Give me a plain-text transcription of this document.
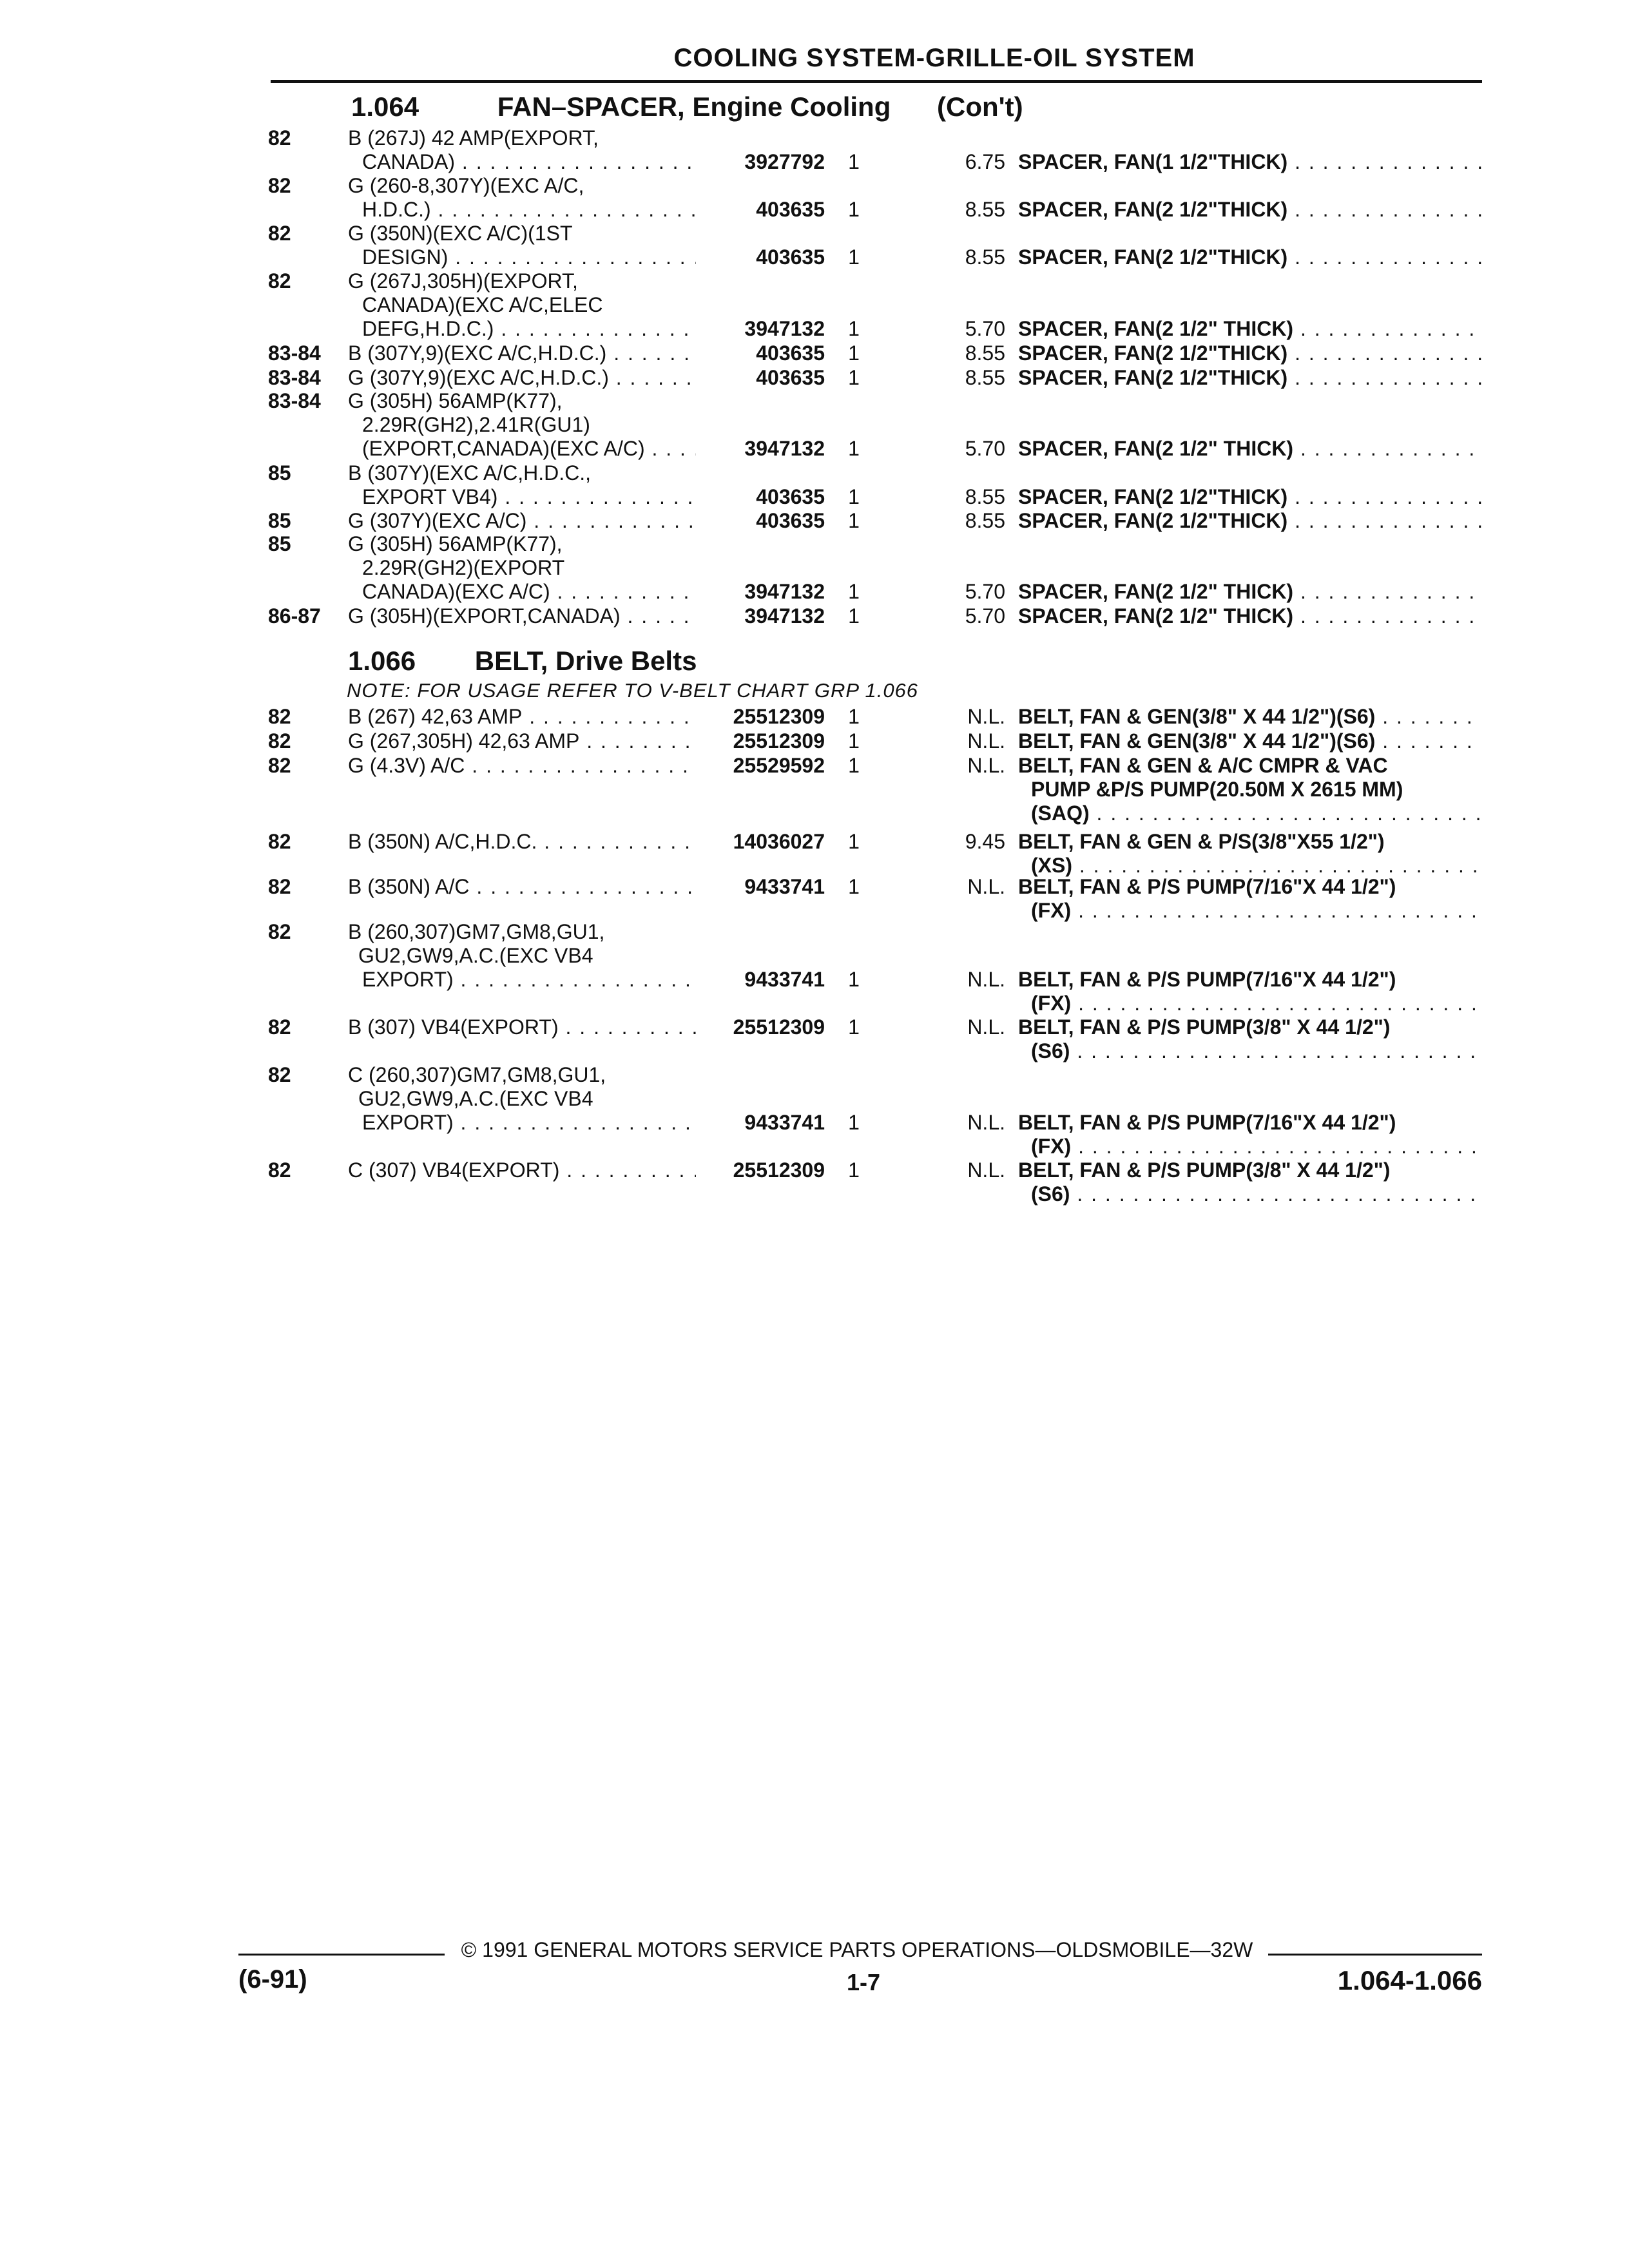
COOLING SYSTEM-GRILLE-OIL SYSTEM
1.064	FAN–SPACER, Engine Cooling (Con't)
82	B (267J) 42 AMP(EXPORT,
CANADA) . . .	3927792 1	6.75 SPACER, FAN(1 1/2"THICK) . . .
82	G (260-8,307Y)(EXC A/C,
H.D.C.) . . .	403635 1	8.55 SPACER, FAN(2 1/2"THICK) . . .
82	G (350N)(EXC A/C)(1ST
DESIGN) . . .	403635 1	8.55 SPACER, FAN(2 1/2"THICK) . . .
82	G (267J,305H)(EXPORT,
CANADA)(EXC A/C,ELEC
DEFG,H.D.C.) . . .	3947132 1	5.70 SPACER, FAN(2 1/2" THICK) . . .
83-84 B (307Y,9)(EXC A/C,H.D.C.) . . .	403635 1	8.55 SPACER, FAN(2 1/2"THICK) . . .
83-84 G (307Y,9)(EXC A/C,H.D.C.) . . .	403635 1	8.55 SPACER, FAN(2 1/2"THICK) . . .
83-84 G (305H) 56AMP(K77),
2.29R(GH2),2.41R(GU1)
(EXPORT,CANADA)(EXC A/C) . . .	3947132 1	5.70 SPACER, FAN(2 1/2" THICK) . . .
85	B (307Y)(EXC A/C,H.D.C.,
EXPORT VB4) . . .	403635 1	8.55 SPACER, FAN(2 1/2"THICK) . . .
85	G (307Y)(EXC A/C) . . .	403635 1	8.55 SPACER, FAN(2 1/2"THICK) . . .
85	G (305H) 56AMP(K77),
2.29R(GH2)(EXPORT
CANADA)(EXC A/C) . . .	3947132 1	5.70 SPACER, FAN(2 1/2" THICK) . . .
86-87 G (305H)(EXPORT,CANADA) . . .	3947132 1	5.70 SPACER, FAN(2 1/2" THICK) . . .
1.066 BELT, Drive Belts
NOTE: FOR USAGE REFER TO V-BELT CHART GRP 1.066
82	B (267) 42,63 AMP . . .	25512309 1	N.L. BELT, FAN & GEN(3/8" X 44 1/2")(S6) . . .
82	G (267,305H) 42,63 AMP . . .	25512309 1	N.L. BELT, FAN & GEN(3/8" X 44 1/2")(S6) . . .
82	G (4.3V) A/C . . .	25529592 1	N.L. BELT, FAN & GEN & A/C CMPR & VAC
PUMP &P/S PUMP(20.50M X 2615 MM)
(SAQ) . . .
82	B (350N) A/C,H.D.C. . . .	14036027 1	9.45 BELT, FAN & GEN & P/S(3/8"X55 1/2")
(XS) . . .
82	B (350N) A/C . . .	9433741 1	N.L. BELT, FAN & P/S PUMP(7/16"X 44 1/2")
(FX) . . .
82	B (260,307)GM7,GM8,GU1,
GU2,GW9,A.C.(EXC VB4
EXPORT) . . .	9433741 1	N.L. BELT, FAN & P/S PUMP(7/16"X 44 1/2")
(FX) . . .
82	B (307) VB4(EXPORT) . . .	25512309 1	N.L. BELT, FAN & P/S PUMP(3/8" X 44 1/2")
(S6) . . .
82	C (260,307)GM7,GM8,GU1,
GU2,GW9,A.C.(EXC VB4
EXPORT) . . .	9433741 1	N.L. BELT, FAN & P/S PUMP(7/16"X 44 1/2")
(FX) . . .
82	C (307) VB4(EXPORT) . . .	25512309 1	N.L. BELT, FAN & P/S PUMP(3/8" X 44 1/2")
(S6) . . .
© 1991 GENERAL MOTORS SERVICE PARTS OPERATIONS—OLDSMOBILE—32W
(6-91)	1-7	1.064-1.066
